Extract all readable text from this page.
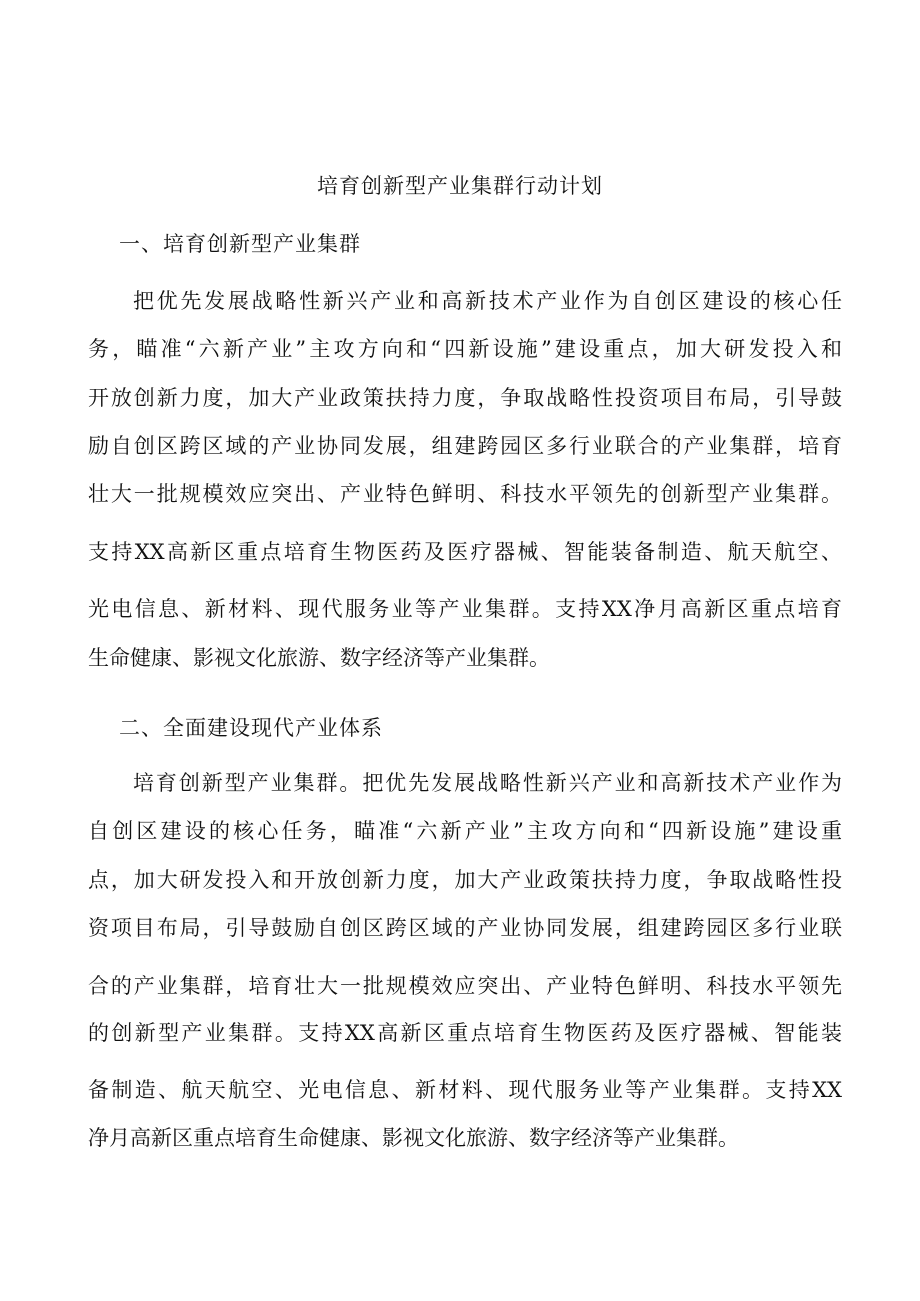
培育创新型产业集群行动计划
一、培育创新型产业集群
把优先发展战略性新兴产业和高新技术产业作为自创区建设的核心任
务，瞄准“六新产业”主攻方向和“四新设施”建设重点，加大研发投入和
开放创新力度，加大产业政策扶持力度，争取战略性投资项目布局，引导鼓
励自创区跨区域的产业协同发展，组建跨园区多行业联合的产业集群，培育
壮大一批规模效应突出、产业特色鲜明、科技水平领先的创新型产业集群。
支持XX高新区重点培育生物医药及医疗器械、智能装备制造、航天航空、
光电信息、新材料、现代服务业等产业集群。支持XX净月高新区重点培育
生命健康、影视文化旅游、数字经济等产业集群。
二、全面建设现代产业体系
培育创新型产业集群。把优先发展战略性新兴产业和高新技术产业作为
自创区建设的核心任务，瞄准“六新产业”主攻方向和“四新设施”建设重
点，加大研发投入和开放创新力度，加大产业政策扶持力度，争取战略性投
资项目布局，引导鼓励自创区跨区域的产业协同发展，组建跨园区多行业联
合的产业集群，培育壮大一批规模效应突出、产业特色鲜明、科技水平领先
的创新型产业集群。支持XX高新区重点培育生物医药及医疗器械、智能装
备制造、航天航空、光电信息、新材料、现代服务业等产业集群。支持XX
净月高新区重点培育生命健康、影视文化旅游、数字经济等产业集群。
